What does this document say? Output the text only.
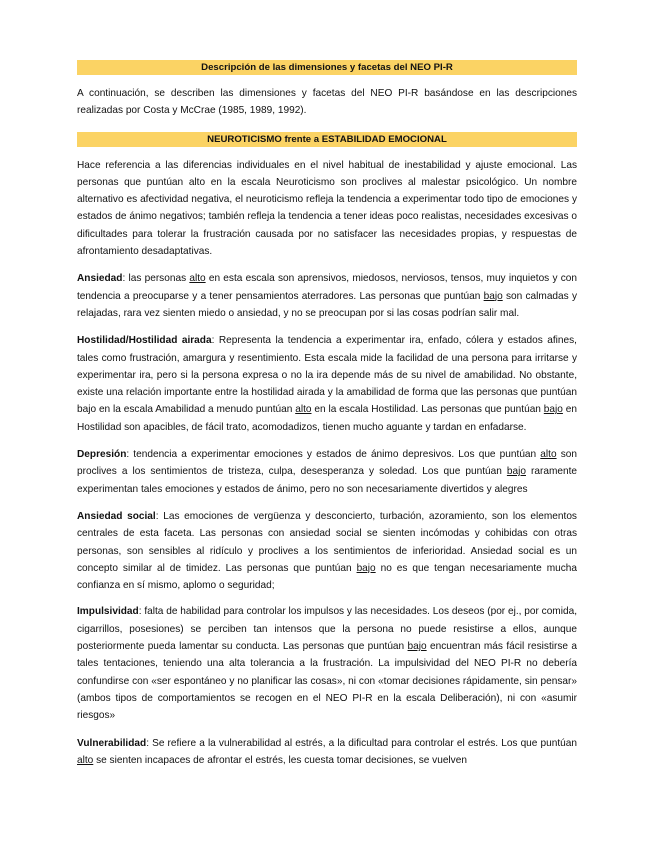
Descripción de las dimensiones y facetas del NEO PI-R

A continuación, se describen las dimensiones y facetas del NEO PI-R basándose en las descripciones realizadas por Costa y McCrae (1985, 1989, 1992).

NEUROTICISMO frente a ESTABILIDAD EMOCIONAL

Hace referencia a las diferencias individuales en el nivel habitual de inestabilidad y ajuste emocional. Las personas que puntúan alto en la escala Neuroticismo son proclives al malestar psicológico. Un nombre alternativo es afectividad negativa, el neuroticismo refleja la tendencia a experimentar todo tipo de emociones y estados de ánimo negativos; también refleja la tendencia a tener ideas poco realistas, necesidades excesivas o dificultades para tolerar la frustración causada por no satisfacer las necesidades propias, y respuestas de afrontamiento desadaptativas.

Ansiedad: las personas alto en esta escala son aprensivos, miedosos, nerviosos, tensos, muy inquietos y con tendencia a preocuparse y a tener pensamientos aterradores. Las personas que puntúan bajo son calmadas y relajadas, rara vez sienten miedo o ansiedad, y no se preocupan por si las cosas podrían salir mal.

Hostilidad/Hostilidad airada: Representa la tendencia a experimentar ira, enfado, cólera y estados afines, tales como frustración, amargura y resentimiento. Esta escala mide la facilidad de una persona para irritarse y experimentar ira, pero si la persona expresa o no la ira depende más de su nivel de amabilidad. No obstante, existe una relación importante entre la hostilidad airada y la amabilidad de forma que las personas que puntúan bajo en la escala Amabilidad a menudo puntúan alto en la escala Hostilidad. Las personas que puntúan bajo en Hostilidad son apacibles, de fácil trato, acomodadizos, tienen mucho aguante y tardan en enfadarse.

Depresión: tendencia a experimentar emociones y estados de ánimo depresivos. Los que puntúan alto son proclives a los sentimientos de tristeza, culpa, desesperanza y soledad. Los que puntúan bajo raramente experimentan tales emociones y estados de ánimo, pero no son necesariamente divertidos y alegres

Ansiedad social: Las emociones de vergüenza y desconcierto, turbación, azoramiento, son los elementos centrales de esta faceta. Las personas con ansiedad social se sienten incómodas y cohibidas con otras personas, son sensibles al ridículo y proclives a los sentimientos de inferioridad. Ansiedad social es un concepto similar al de timidez. Las personas que puntúan bajo no es que tengan necesariamente mucha confianza en sí mismo, aplomo o seguridad;

Impulsividad: falta de habilidad para controlar los impulsos y las necesidades. Los deseos (por ej., por comida, cigarrillos, posesiones) se perciben tan intensos que la persona no puede resistirse a ellos, aunque posteriormente pueda lamentar su conducta. Las personas que puntúan bajo encuentran más fácil resistirse a tales tentaciones, teniendo una alta tolerancia a la frustración. La impulsividad del NEO PI-R no debería confundirse con «ser espontáneo y no planificar las cosas», ni con «tomar decisiones rápidamente, sin pensar» (ambos tipos de comportamientos se recogen en el NEO PI-R en la escala Deliberación), ni con «asumir riesgos»

Vulnerabilidad: Se refiere a la vulnerabilidad al estrés, a la dificultad para controlar el estrés. Los que puntúan alto se sienten incapaces de afrontar el estrés, les cuesta tomar decisiones, se vuelven
